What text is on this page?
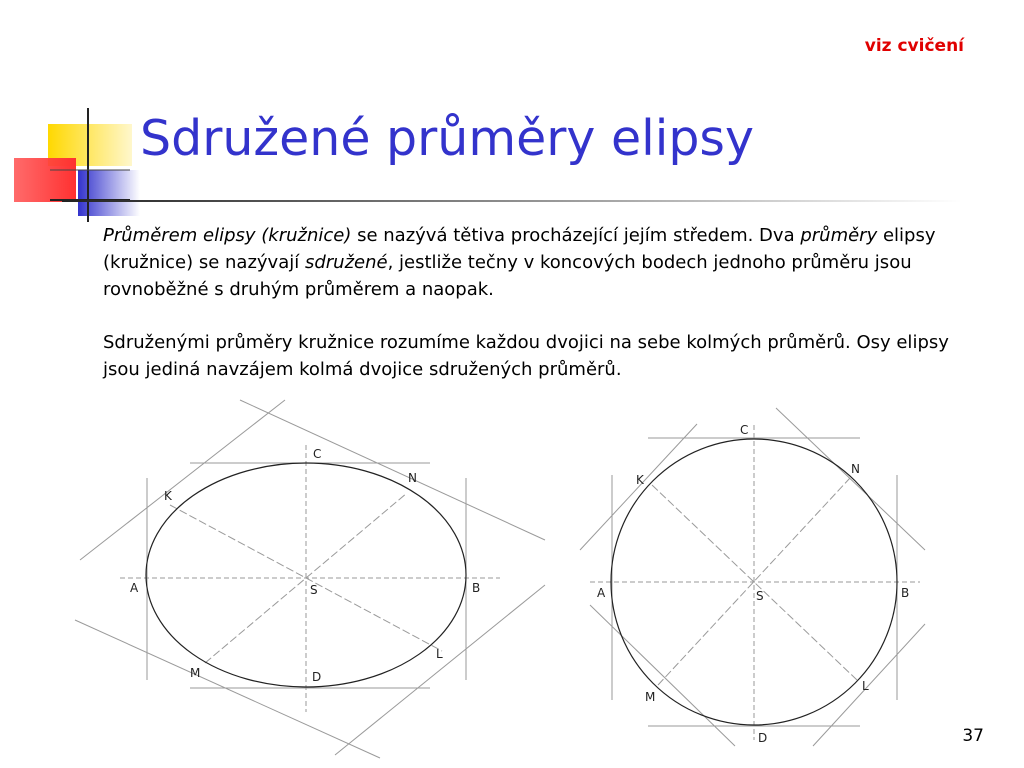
viz cvičení
Sdružené průměry elipsy

Průměrem elipsy (kružnice) se nazývá tětiva procházející jejím středem. Dva průměry elipsy (kružnice) se nazývají sdružené, jestliže tečny v koncových bodech jednoho průměru jsou rovnoběžné s druhým průměrem a naopak.

Sdruženými průměry kružnice rozumíme každou dvojici na sebe kolmých průměrů. Osy elipsy jsou jediná navzájem kolmá dvojice sdružených průměrů.

C
N
K
A	S	B
L
M	D
C
N
K
A	S	B
L
M
D	37
